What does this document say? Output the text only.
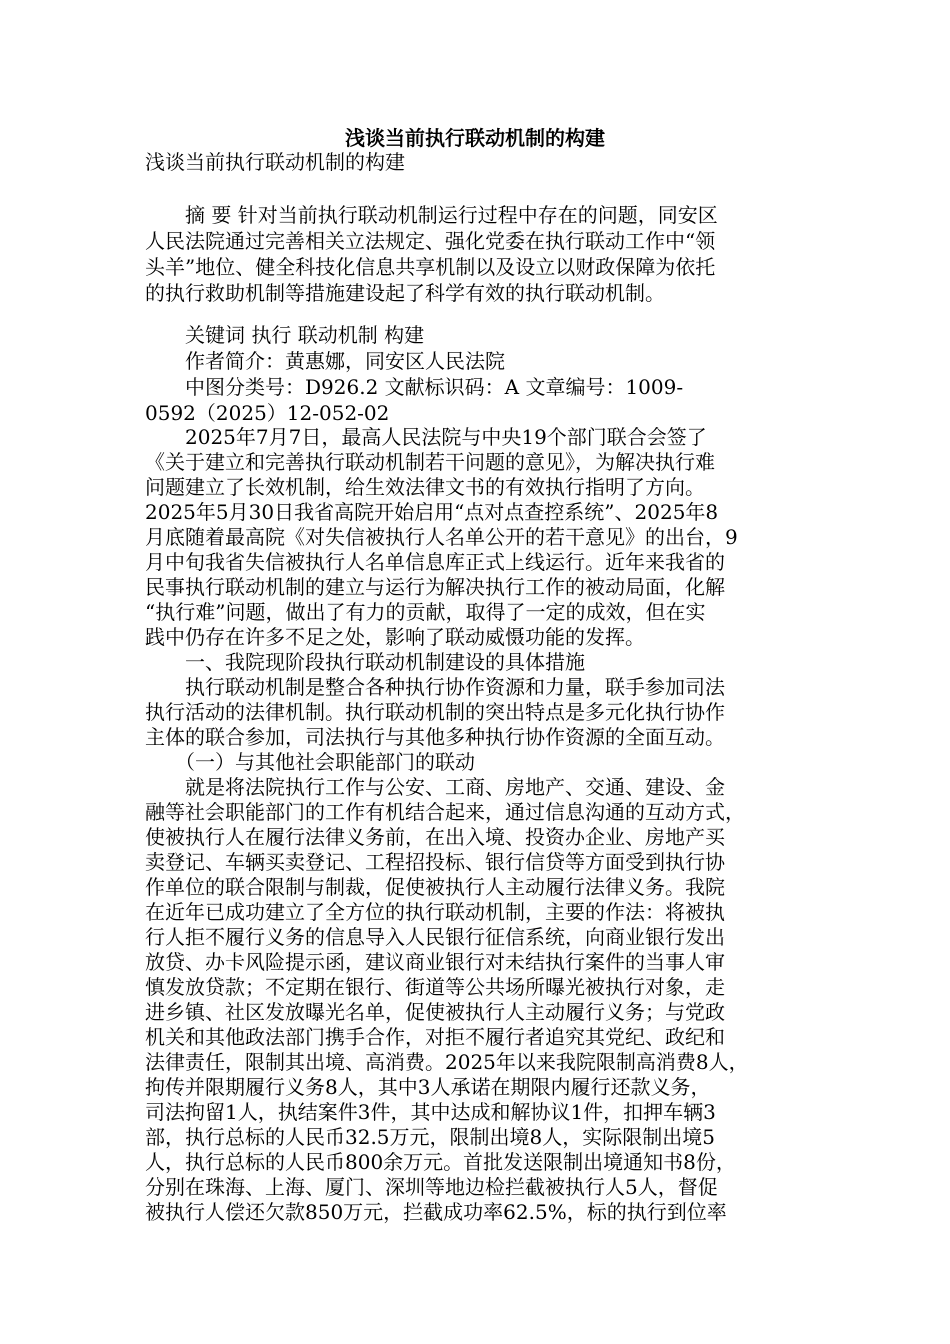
浅谈当前执行联动机制的构建

浅谈当前执行联动机制的构建

　　摘 要 针对当前执行联动机制运行过程中存在的问题，同安区

人民法院通过完善相关立法规定、强化党委在执行联动工作中“领

头羊”地位、健全科技化信息共享机制以及设立以财政保障为依托

的执行救助机制等措施建设起了科学有效的执行联动机制。

　　关键词 执行 联动机制 构建

　　作者简介：黄惠娜，同安区人民法院

　　中图分类号：D926.2 文献标识码：A 文章编号：1009-

0592（2025）12-052-02

　　2025年7月7日，最高人民法院与中央19个部门联合会签了

《关于建立和完善执行联动机制若干问题的意见》，为解决执行难

问题建立了长效机制，给生效法律文书的有效执行指明了方向。

2025年5月30日我省高院开始启用“点对点查控系统”、2025年8

月底随着最高院《对失信被执行人名单公开的若干意见》的出台，9

月中旬我省失信被执行人名单信息库正式上线运行。近年来我省的

民事执行联动机制的建立与运行为解决执行工作的被动局面，化解

“执行难”问题，做出了有力的贡献，取得了一定的成效，但在实

践中仍存在许多不足之处，影响了联动威慑功能的发挥。

　　一、我院现阶段执行联动机制建设的具体措施

　　执行联动机制是整合各种执行协作资源和力量，联手参加司法

执行活动的法律机制。执行联动机制的突出特点是多元化执行协作

主体的联合参加，司法执行与其他多种执行协作资源的全面互动。

　　（一）与其他社会职能部门的联动

　　就是将法院执行工作与公安、工商、房地产、交通、建设、金

融等社会职能部门的工作有机结合起来，通过信息沟通的互动方式，

使被执行人在履行法律义务前，在出入境、投资办企业、房地产买

卖登记、车辆买卖登记、工程招投标、银行信贷等方面受到执行协

作单位的联合限制与制裁，促使被执行人主动履行法律义务。我院

在近年已成功建立了全方位的执行联动机制，主要的作法：将被执

行人拒不履行义务的信息导入人民银行征信系统，向商业银行发出

放贷、办卡风险提示函，建议商业银行对未结执行案件的当事人审

慎发放贷款；不定期在银行、街道等公共场所曝光被执行对象，走

进乡镇、社区发放曝光名单，促使被执行人主动履行义务；与党政

机关和其他政法部门携手合作，对拒不履行者追究其党纪、政纪和

法律责任，限制其出境、高消费。2025年以来我院限制高消费8人，

拘传并限期履行义务8人，其中3人承诺在期限内履行还款义务，

司法拘留1人，执结案件3件，其中达成和解协议1件，扣押车辆3

部，执行总标的人民币32.5万元，限制出境8人，实际限制出境5

人，执行总标的人民币800余万元。首批发送限制出境通知书8份，

分别在珠海、上海、厦门、深圳等地边检拦截被执行人5人，督促

被执行人偿还欠款850万元，拦截成功率62.5%，标的执行到位率
